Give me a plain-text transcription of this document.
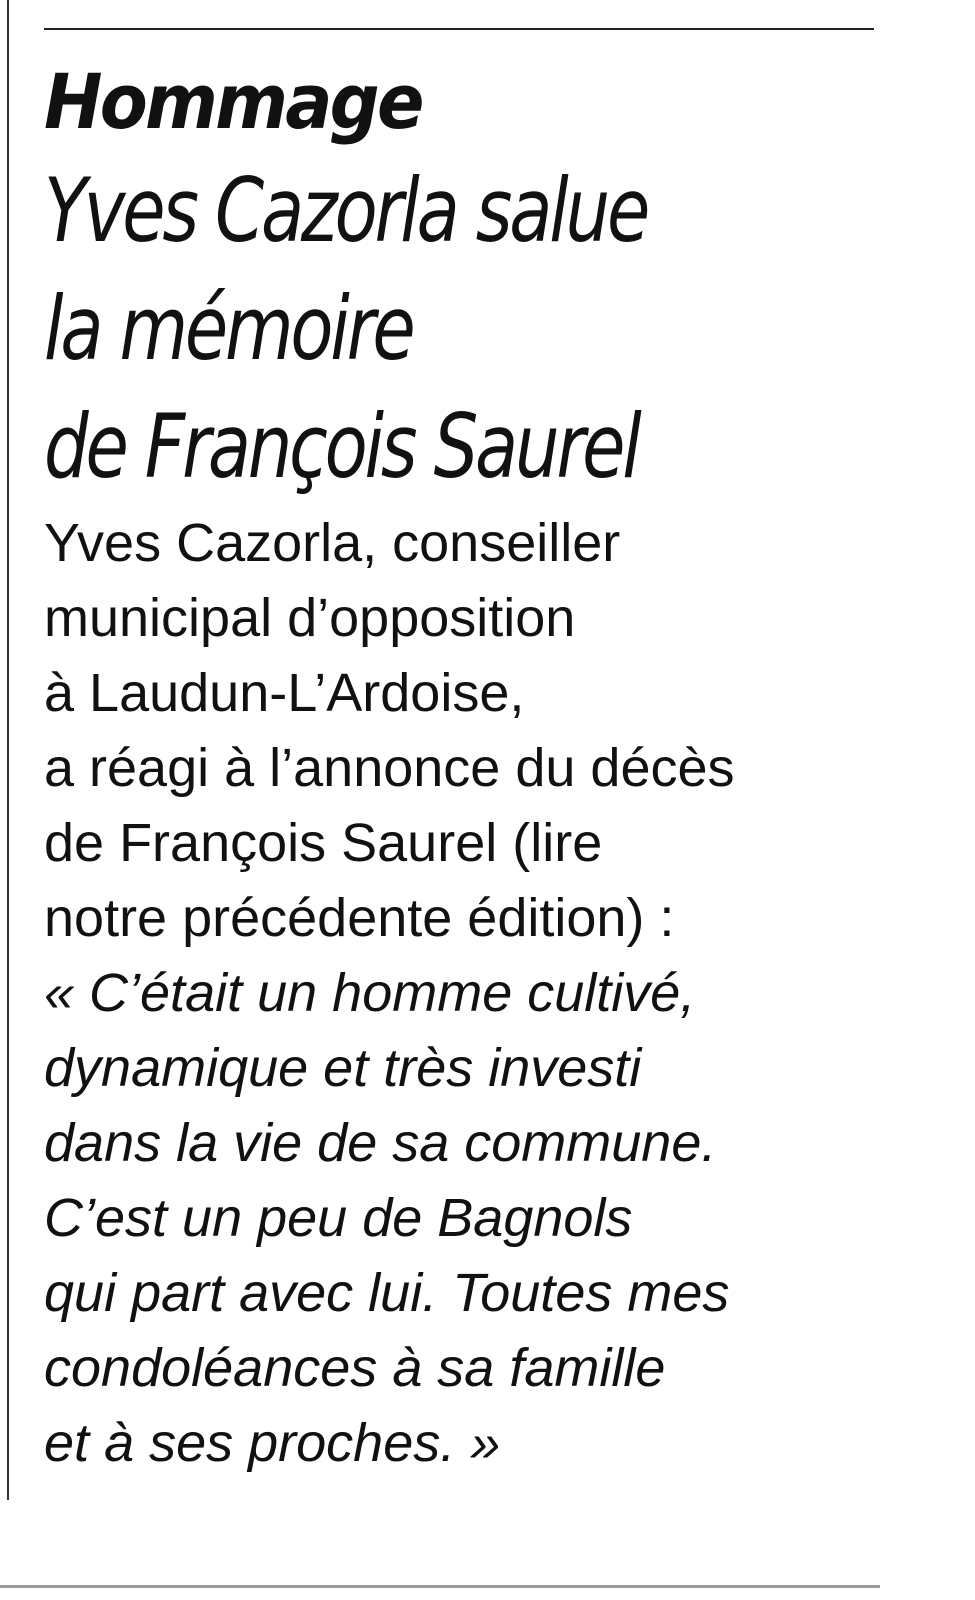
Hommage
Yves Cazorla salue
la mémoire
de François Saurel

Yves Cazorla, conseiller
municipal d’opposition
à Laudun-L’Ardoise,
a réagi à l’annonce du décès
de François Saurel (lire
notre précédente édition) :

« C’était un homme cultivé,
dynamique et très investi
dans la vie de sa commune.
C’est un peu de Bagnols
qui part avec lui. Toutes mes
condoléances à sa famille
et à ses proches. »
